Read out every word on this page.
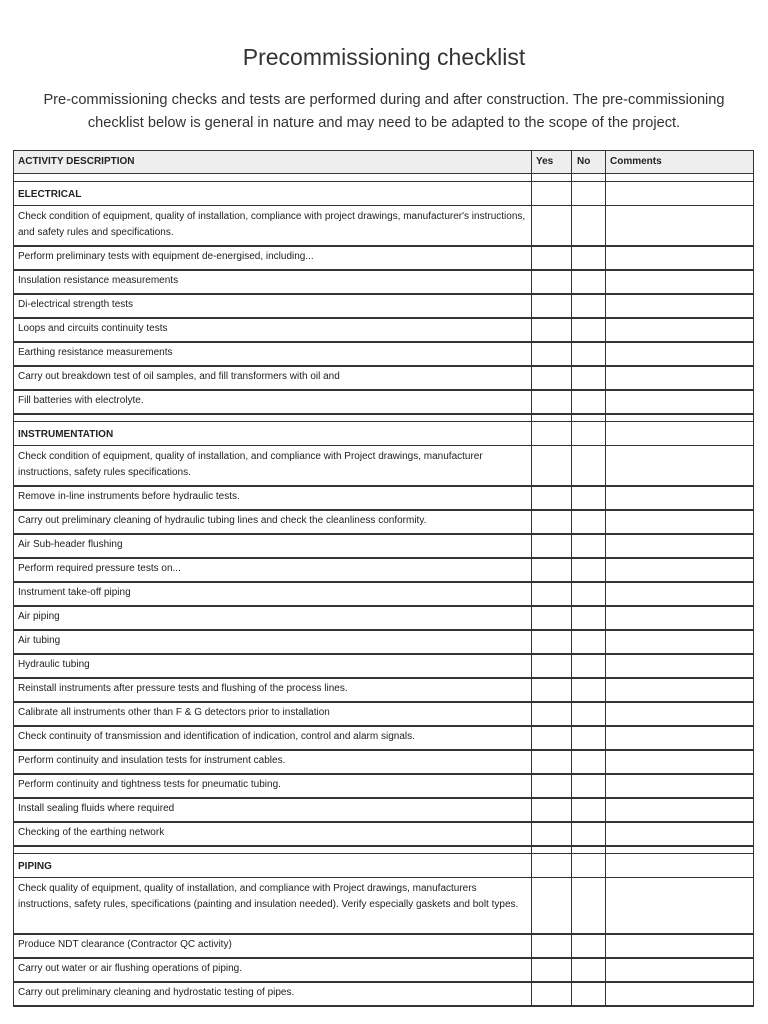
Precommissioning checklist
Pre-commissioning checks and tests are performed during and after construction. The pre-commissioning
checklist below is general in nature and may need to be adapted to the scope of the project.
ACTIVITY DESCRIPTION	Yes No Comments
ELECTRICAL
Check condition of equipment, quality of installation, compliance with project drawings, manufacturer's instructions, and safety rules and specifications.
Perform preliminary tests with equipment de-energised, including...
Insulation resistance measurements
Di-electrical strength tests
Loops and circuits continuity tests
Earthing resistance measurements
Carry out breakdown test of oil samples, and fill transformers with oil and
Fill batteries with electrolyte.
INSTRUMENTATION
Check condition of equipment, quality of installation, and compliance with Project drawings, manufacturer instructions, safety rules specifications.
Remove in-line instruments before hydraulic tests.
Carry out preliminary cleaning of hydraulic tubing lines and check the cleanliness conformity.
Air Sub-header flushing
Perform required pressure tests on...
Instrument take-off piping
Air piping
Air tubing
Hydraulic tubing
Reinstall instruments after pressure tests and flushing of the process lines.
Calibrate all instruments other than F & G detectors prior to installation
Check continuity of transmission and identification of indication, control and alarm signals.
Perform continuity and insulation tests for instrument cables.
Perform continuity and tightness tests for pneumatic tubing.
Install sealing fluids where required
Checking of the earthing network
PIPING
Check quality of equipment, quality of installation, and compliance with Project drawings, manufacturers instructions, safety rules, specifications (painting and insulation needed). Verify especially gaskets and bolt types.
Produce NDT clearance (Contractor QC activity)
Carry out water or air flushing operations of piping.
Carry out preliminary cleaning and hydrostatic testing of pipes.
